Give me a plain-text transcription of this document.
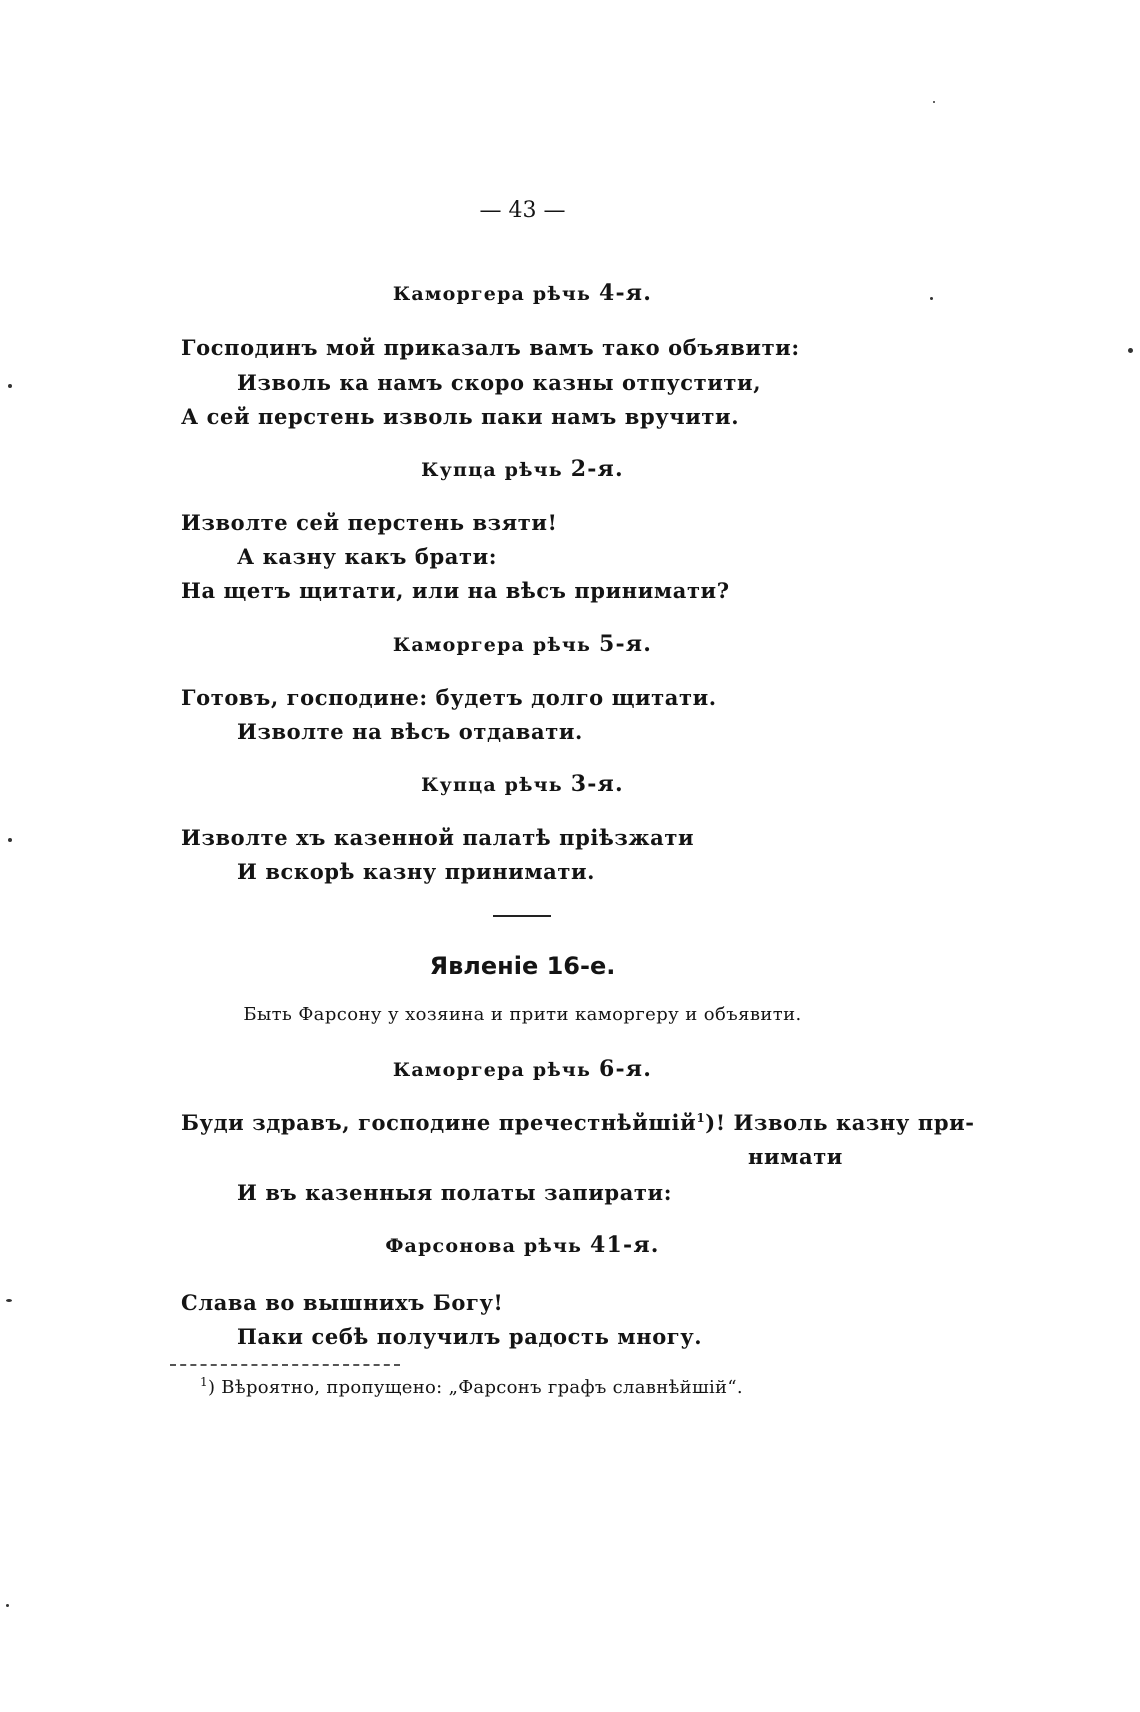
— 43 —
Каморгера рѣчь 4-я.
Господинъ мой приказалъ вамъ тако объявити:
Изволь ка намъ скоро казны отпустити,
А сей перстень изволь паки намъ вручити.
Купца рѣчь 2-я.
Изволте сей перстень взяти!
А казну какъ брати:
На щетъ щитати, или на вѣсъ принимати?
Каморгера рѣчь 5-я.
Готовъ, господине: будетъ долго щитати.
Изволте на вѣсъ отдавати.
Купца рѣчь 3-я.
Изволте хъ казенной палатѣ прiѣзжати
И вскорѣ казну принимати.
Явленiе 16-е.
Быть Фарсону у хозяина и прити каморгеру и объявити.
Каморгера рѣчь 6-я.
Буди здравъ, господине пречестнѣйшiй$^1$)! Изволь казну при-
нимати
И въ казенныя полаты запирати:
Фарсонова рѣчь 41-я.
Слава во вышнихъ Богу!
Паки себѣ получилъ радость многу.
$^1$) Вѣроятно, пропущено: „Фарсонъ графъ славнѣйшiй“.
